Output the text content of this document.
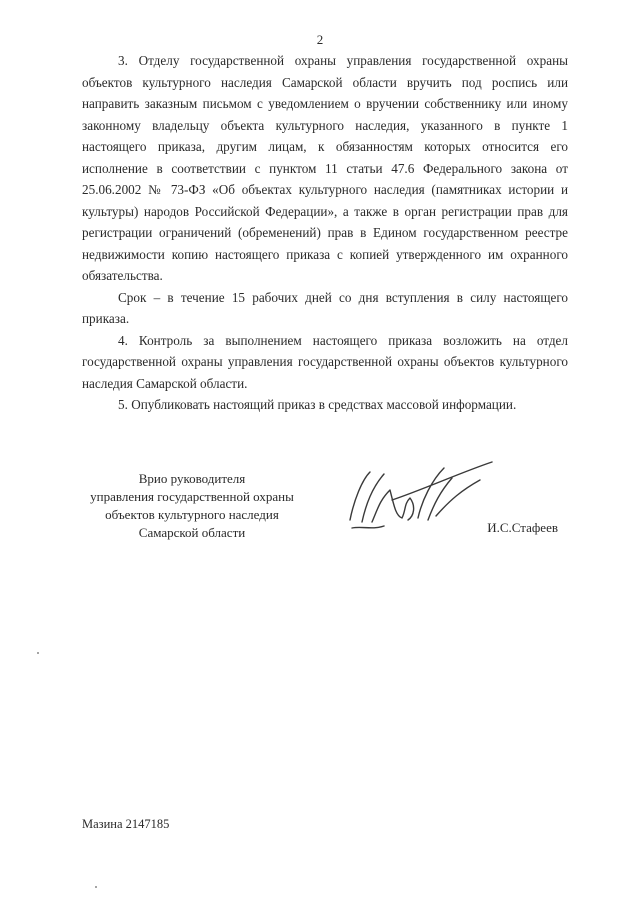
2

3. Отделу государственной охраны управления государственной охраны объектов культурного наследия Самарской области вручить под роспись или направить заказным письмом с уведомлением о вручении собственнику или иному законному владельцу объекта культурного наследия, указанного в пункте 1 настоящего приказа, другим лицам, к обязанностям которых относится его исполнение в соответствии с пунктом 11 статьи 47.6 Федерального закона от 25.06.2002 № 73-ФЗ «Об объектах культурного наследия (памятниках истории и культуры) народов Российской Федерации», а также в орган регистрации прав для регистрации ограничений (обременений) прав в Едином государственном реестре недвижимости копию настоящего приказа с копией утвержденного им охранного обязательства.

Срок – в течение 15 рабочих дней со дня вступления в силу настоящего приказа.

4. Контроль за выполнением настоящего приказа возложить на отдел государственной охраны управления государственной охраны объектов культурного наследия Самарской области.

5. Опубликовать настоящий приказ в средствах массовой информации.

Врио руководителя
управления государственной охраны
объектов культурного наследия
Самарской области	И.С.Стафеев
Мазина 2147185
